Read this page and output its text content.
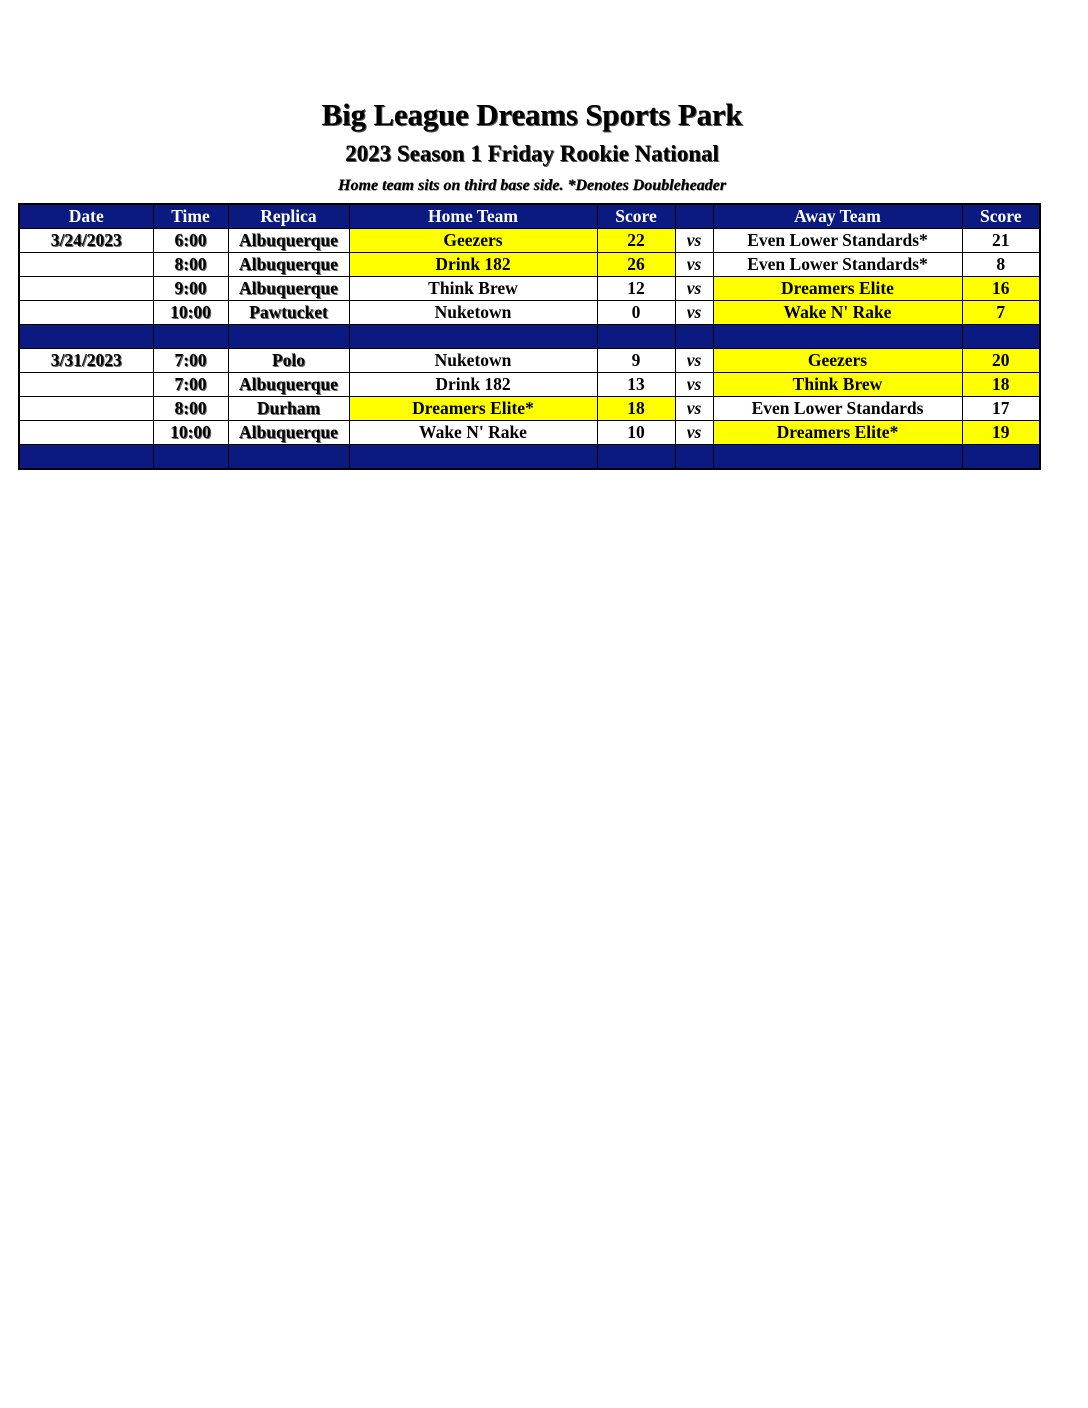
Big League Dreams Sports Park
2023 Season 1 Friday Rookie National
Home team sits on third base side. *Denotes Doubleheader
Date	Time	Replica	Home Team	Score		Away Team	Score
3/24/2023	6:00	Albuquerque	Geezers	22	vs	Even Lower Standards*	21
	8:00	Albuquerque	Drink 182	26	vs	Even Lower Standards*	8
	9:00	Albuquerque	Think Brew	12	vs	Dreamers Elite	16
	10:00	Pawtucket	Nuketown	0	vs	Wake N' Rake	7

3/31/2023	7:00	Polo	Nuketown	9	vs	Geezers	20
	7:00	Albuquerque	Drink 182	13	vs	Think Brew	18
	8:00	Durham	Dreamers Elite*	18	vs	Even Lower Standards	17
	10:00	Albuquerque	Wake N' Rake	10	vs	Dreamers Elite*	19
